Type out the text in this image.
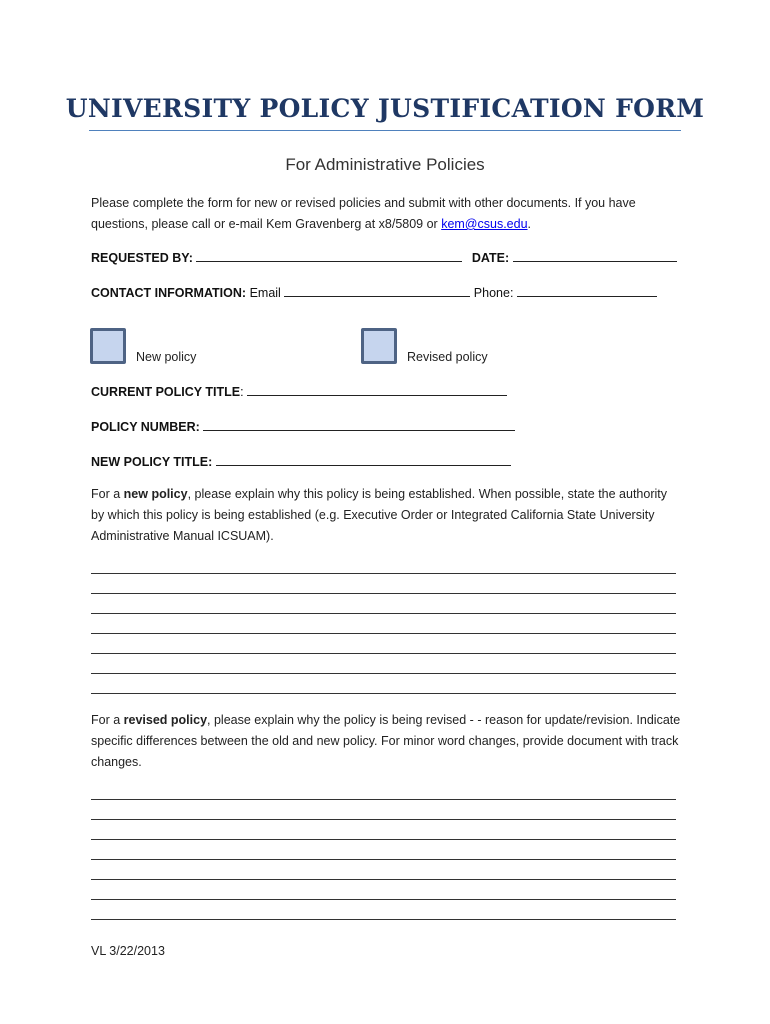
UNIVERSITY POLICY JUSTIFICATION FORM
For Administrative Policies
Please complete the form for new or revised policies and submit with other documents. If you have questions, please call or e-mail Kem Gravenberg at x8/5809 or kem@csus.edu.
REQUESTED BY:	DATE:
CONTACT INFORMATION: Email	Phone:
New policy	Revised policy
CURRENT POLICY TITLE:
POLICY NUMBER:
NEW POLICY TITLE:
For a new policy, please explain why this policy is being established. When possible, state the authority by which this policy is being established (e.g. Executive Order or Integrated California State University Administrative Manual ICSUAM).
For a revised policy, please explain why the policy is being revised - - reason for update/revision. Indicate specific differences between the old and new policy. For minor word changes, provide document with track changes.
VL 3/22/2013
